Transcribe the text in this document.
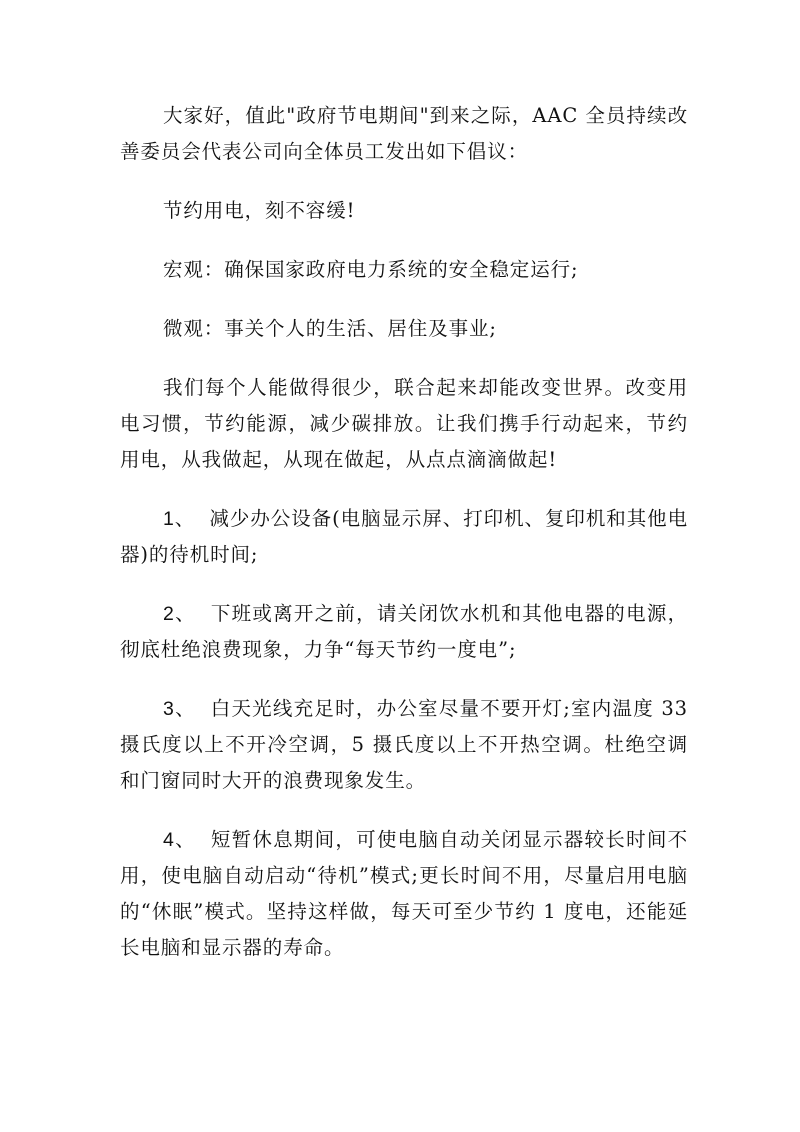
大家好，值此"政府节电期间"到来之际，AAC 全员持续改善委员会代表公司向全体员工发出如下倡议：

节约用电，刻不容缓!

宏观：确保国家政府电力系统的安全稳定运行;

微观：事关个人的生活、居住及事业;

我们每个人能做得很少，联合起来却能改变世界。改变用电习惯，节约能源，减少碳排放。让我们携手行动起来，节约用电，从我做起，从现在做起，从点点滴滴做起!

1、 减少办公设备(电脑显示屏、打印机、复印机和其他电器)的待机时间;

2、 下班或离开之前，请关闭饮水机和其他电器的电源，彻底杜绝浪费现象，力争“每天节约一度电”;

3、 白天光线充足时，办公室尽量不要开灯;室内温度 33 摄氏度以上不开冷空调，5 摄氏度以上不开热空调。杜绝空调和门窗同时大开的浪费现象发生。

4、 短暂休息期间，可使电脑自动关闭显示器较长时间不用，使电脑自动启动“待机”模式;更长时间不用，尽量启用电脑的“休眠”模式。坚持这样做，每天可至少节约 1 度电，还能延长电脑和显示器的寿命。
